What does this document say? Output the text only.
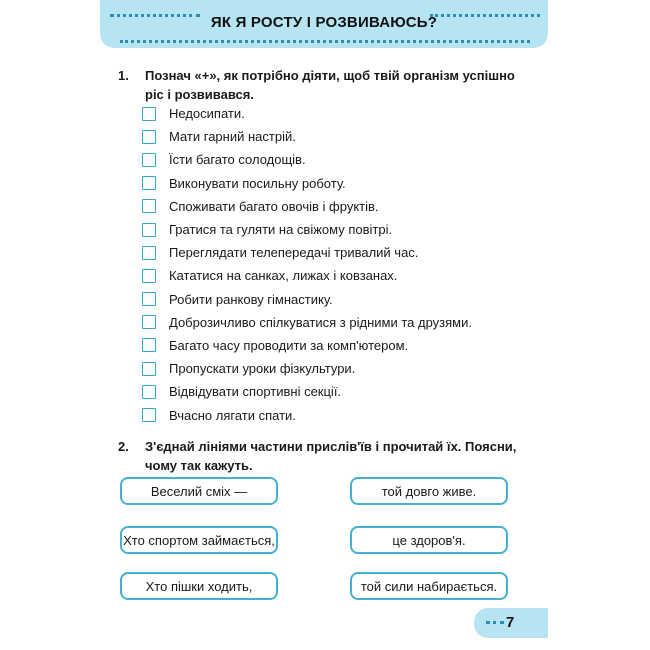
ЯК Я РОСТУ І РОЗВИВАЮСЬ?
1. Познач «+», як потрібно діяти, щоб твій організм успішно ріс і розвивався.
Недосипати.
Мати гарний настрій.
Їсти багато солодощів.
Виконувати посильну роботу.
Споживати багато овочів і фруктів.
Гратися та гуляти на свіжому повітрі.
Переглядати телепередачі тривалий час.
Кататися на санках, лижах і ковзанах.
Робити ранкову гімнастику.
Доброзичливо спілкуватися з рідними та друзями.
Багато часу проводити за комп'ютером.
Пропускати уроки фізкультури.
Відвідувати спортивні секції.
Вчасно лягати спати.
2. З'єднай лініями частини прислів'їв і прочитай їх. Поясни, чому так кажуть.
Веселий сміх —
Хто спортом займається,
Хто пішки ходить,
той довго живе.
це здоров'я.
той сили набирається.
7
